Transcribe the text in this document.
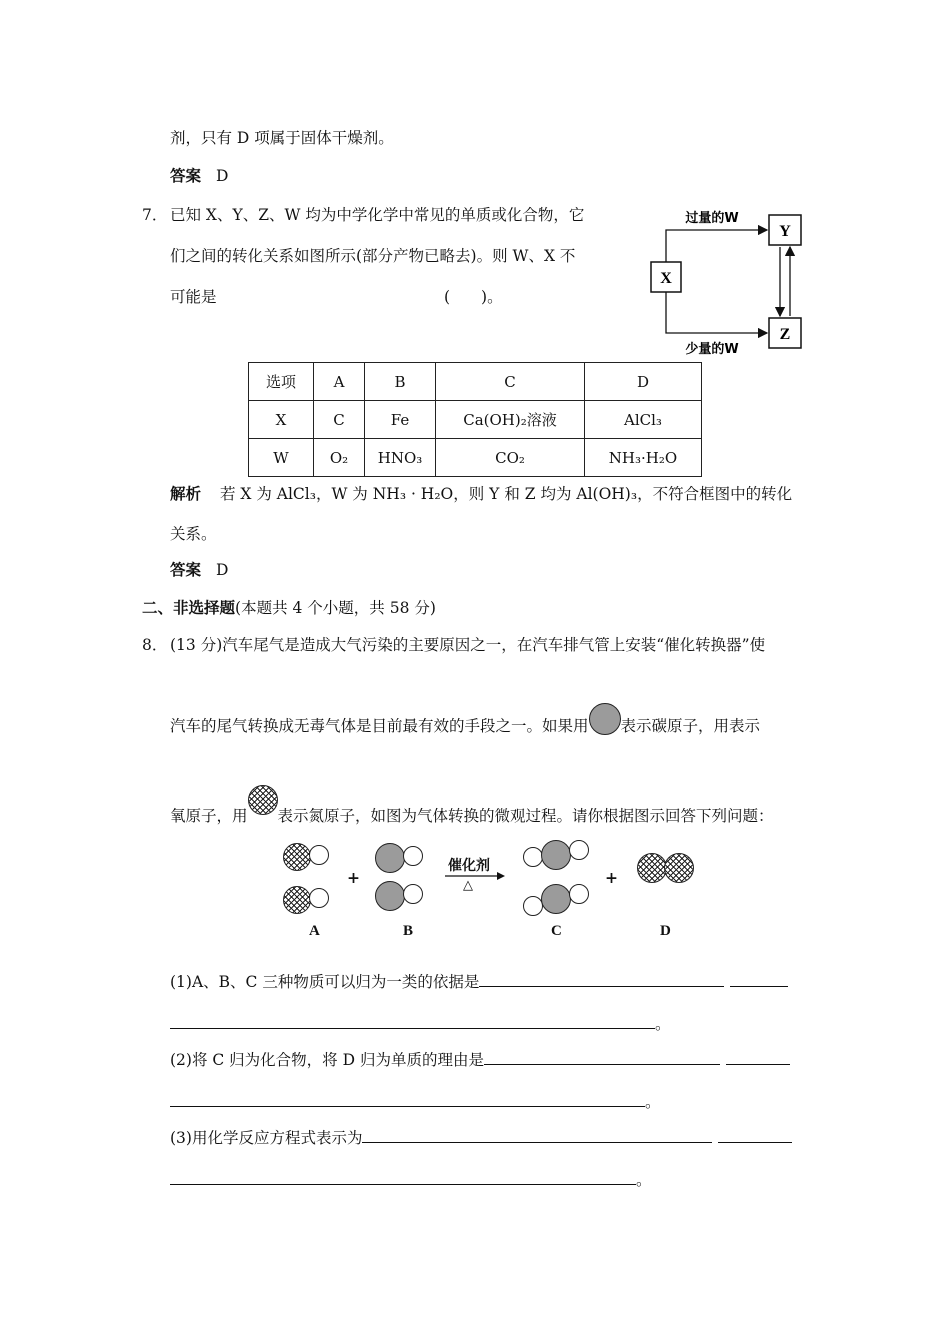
剂，只有 D 项属于固体干燥剂。
答案 D
7． 已知 X、Y、Z、W 均为中学化学中常见的单质或化合物，它
们之间的转化关系如图所示(部分产物已略去)。则 W、X 不
可能是	(　　)。
X
Y
Z
过量的W
少量的W
选项	A	B	C	D
X	C	Fe	Ca(OH)₂溶液	AlCl₃
W	O₂	HNO₃	CO₂	NH₃·H₂O
解析 若 X 为 AlCl₃，W 为 NH₃ · H₂O，则 Y 和 Z 均为 Al(OH)₃，不符合框图中的转化
关系。
答案 D
二、非选择题(本题共 4 个小题，共 58 分)
8． (13 分)汽车尾气是造成大气污染的主要原因之一，在汽车排气管上安装“催化转换器”使
汽车的尾气转换成无毒气体是目前最有效的手段之一。如果用 表示碳原子，用表示
氧原子，用 表示氮原子，如图为气体转换的微观过程。请你根据图示回答下列问题：
+
催化剂
△	+
A	B	C	D
(1)A、B、C 三种物质可以归为一类的依据是
。
(2)将 C 归为化合物，将 D 归为单质的理由是
。
(3)用化学反应方程式表示为
。
